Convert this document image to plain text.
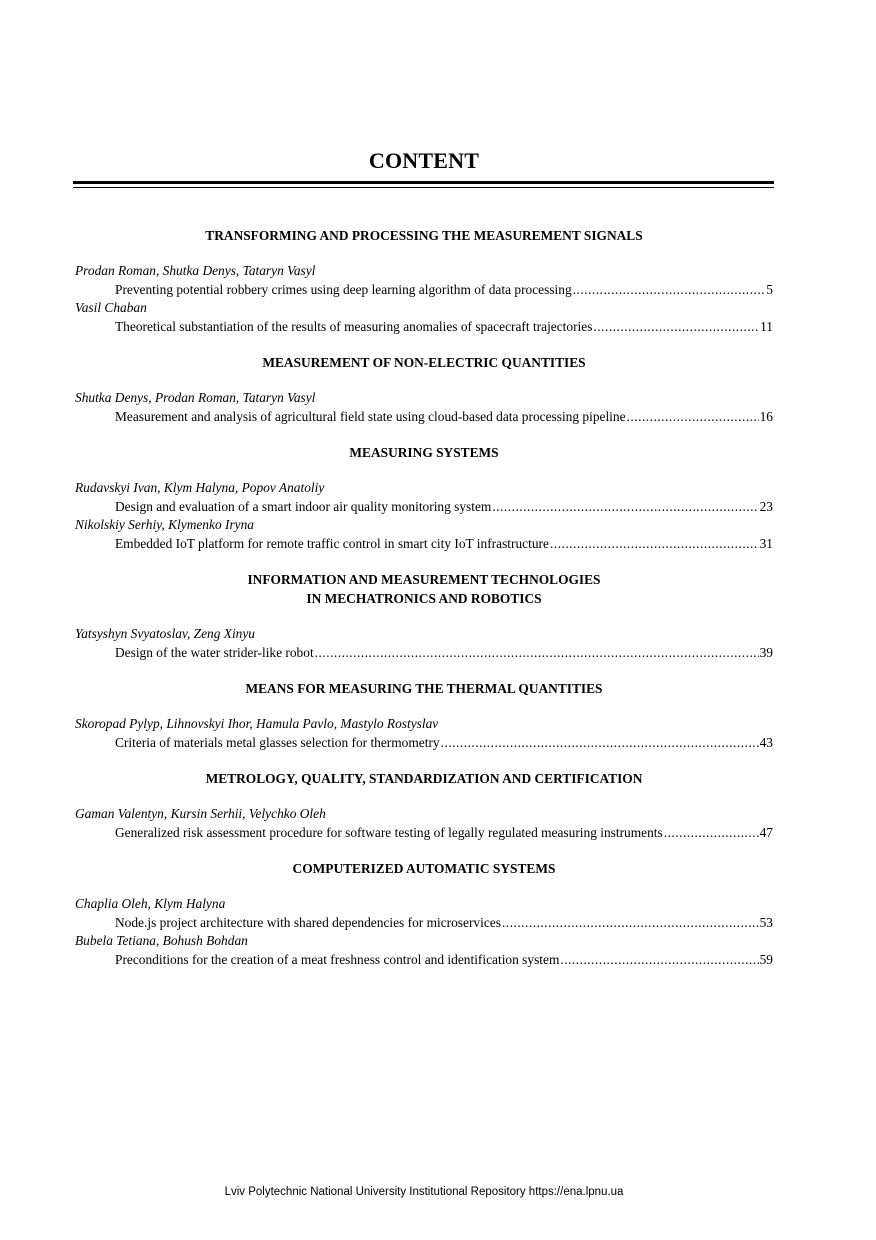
CONTENT
TRANSFORMING AND PROCESSING THE MEASUREMENT SIGNALS
Prodan Roman, Shutka Denys, Tataryn Vasyl
Preventing potential robbery crimes using deep learning algorithm of data processing .....	5
Vasil Chaban
Theoretical substantiation of the results of measuring anomalies of spacecraft trajectories .....	11
MEASUREMENT OF NON-ELECTRIC QUANTITIES
Shutka Denys, Prodan Roman, Tataryn Vasyl
Measurement and analysis of agricultural field state using cloud-based data processing pipeline .....	16
MEASURING SYSTEMS
Rudavskyi Ivan, Klym Halyna, Popov Anatoliy
Design and evaluation of a smart indoor air quality monitoring system .....	23
Nikolskiy Serhiy, Klymenko Iryna
Embedded IoT platform for remote traffic control in smart city IoT infrastructure .....	31
INFORMATION AND MEASUREMENT TECHNOLOGIES
IN MECHATRONICS AND ROBOTICS
Yatsyshyn Svyatoslav, Zeng Xinyu
Design of the water strider-like robot .....	39
MEANS FOR MEASURING THE THERMAL QUANTITIES
Skoropad Pylyp, Lihnovskyi Ihor, Hamula Pavlo, Mastylo Rostyslav
Criteria of materials metal glasses selection for thermometry .....	43
METROLOGY, QUALITY, STANDARDIZATION AND CERTIFICATION
Gaman Valentyn, Kursin Serhii, Velychko Oleh
Generalized risk assessment procedure for software testing of legally regulated measuring instruments .....	47
COMPUTERIZED AUTOMATIC SYSTEMS
Chaplia Oleh, Klym Halyna
Node.js project architecture with shared dependencies for microservices .....	53
Bubela Tetiana, Bohush Bohdan
Preconditions for the creation of a meat freshness control and identification system .....	59
Lviv Polytechnic National University Institutional Repository https://ena.lpnu.ua
